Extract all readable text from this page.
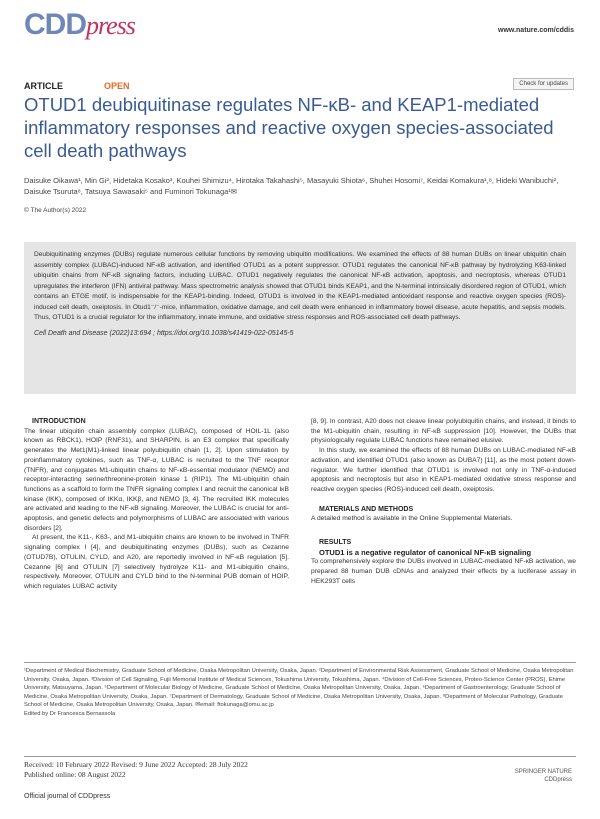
CDDpress	www.nature.com/cddis
ARTICLE	OPEN	Check for updates
OTUD1 deubiquitinase regulates NF-κB- and KEAP1-mediated inflammatory responses and reactive oxygen species-associated cell death pathways
Daisuke Oikawa¹, Min Gi², Hidetaka Kosako³, Kouhei Shimizu⁴, Hirotaka Takahashi⁵, Masayuki Shiota⁶, Shuhei Hosomi⁷, Keidai Komakura¹,⁸, Hideki Wanibuchi², Daisuke Tsuruta⁸, Tatsuya Sawasaki⁵ and Fuminori Tokunaga¹✉
© The Author(s) 2022
Deubiquitinating enzymes (DUBs) regulate numerous cellular functions by removing ubiquitin modifications. We examined the effects of 88 human DUBs on linear ubiquitin chain assembly complex (LUBAC)-induced NF-κB activation, and identified OTUD1 as a potent suppressor. OTUD1 regulates the canonical NF-κB pathway by hydrolyzing K63-linked ubiquitin chains from NF-κB signaling factors, including LUBAC. OTUD1 negatively regulates the canonical NF-κB activation, apoptosis, and necroptosis, whereas OTUD1 upregulates the interferon (IFN) antiviral pathway. Mass spectrometric analysis showed that OTUD1 binds KEAP1, and the N-terminal intrinsically disordered region of OTUD1, which contains an ETGE motif, is indispensable for the KEAP1-binding. Indeed, OTUD1 is involved in the KEAP1-mediated antioxidant response and reactive oxygen species (ROS)-induced cell death, oxeiptosis. In Otud1⁻/⁻-mice, inflammation, oxidative damage, and cell death were enhanced in inflammatory bowel disease, acute hepatitis, and sepsis models. Thus, OTUD1 is a crucial regulator for the inflammatory, innate immune, and oxidative stress responses and ROS-associated cell death pathways.
Cell Death and Disease (2022)13:694 ; https://doi.org/10.1038/s41419-022-05145-5

INTRODUCTION

The linear ubiquitin chain assembly complex (LUBAC), composed of HOIL-1L (also known as RBCK1), HOIP (RNF31), and SHARPIN, is an E3 complex that specifically generates the Met1(M1)-linked linear polyubiquitin chain [1, 2]. Upon stimulation by proinflammatory cytokines, such as TNF-α, LUBAC is recruited to the TNF receptor (TNFR), and conjugates M1-ubiquitin chains to NF-κB-essential modulator (NEMO) and receptor-interacting serine/threonine-protein kinase 1 (RIP1). The M1-ubiquitin chain functions as a scaffold to form the TNFR signaling complex I and recruit the canonical IκB kinase (IKK), composed of IKKα, IKKβ, and NEMO [3, 4]. The recruited IKK molecules are activated and leading to the NF-κB signaling. Moreover, the LUBAC is crucial for anti-apoptosis, and genetic defects and polymorphisms of LUBAC are associated with various disorders [2].

At present, the K11-, K63-, and M1-ubiquitin chains are known to be involved in TNFR signaling complex I [4], and deubiquitinating enzymes (DUBs), such as Cezanne (OTUD7B), OTULIN, CYLD, and A20, are reportedly involved in NF-κB regulation [5]. Cezanne [6] and OTULIN [7] selectively hydrolyze K11- and M1-ubiquitin chains, respectively. Moreover, OTULIN and CYLD bind to the N-terminal PUB domain of HOIP, which regulates LUBAC activity

[8, 9]. In contrast, A20 does not cleave linear polyubiquitin chains, and instead, it binds to the M1-ubiquitin chain, resulting in NF-κB suppression [10]. However, the DUBs that physiologically regulate LUBAC functions have remained elusive.

In this study, we examined the effects of 88 human DUBs on LUBAC-mediated NF-κB activation, and identified OTUD1 (also known as DUBA7) [11], as the most potent down-regulator. We further identified that OTUD1 is involved not only in TNF-α-induced apoptosis and necroptosis but also in KEAP1-mediated oxidative stress response and reactive oxygen species (ROS)-induced cell death, oxeiptosis.

MATERIALS AND METHODS

A detailed method is available in the Online Supplemental Materials.

RESULTS

OTUD1 is a negative regulator of canonical NF-κB signaling

To comprehensively explore the DUBs involved in LUBAC-mediated NF-κB activation, we prepared 88 human DUB cDNAs and analyzed their effects by a luciferase assay in HEK293T cells

¹Department of Medical Biochemistry, Graduate School of Medicine, Osaka Metropolitan University, Osaka, Japan. ²Department of Environmental Risk Assessment, Graduate School of Medicine, Osaka Metropolitan University, Osaka, Japan. ³Division of Cell Signaling, Fujii Memorial Institute of Medical Sciences, Tokushima University, Tokushima, Japan. ⁴Division of Cell-Free Sciences, Proteo-Science Center (PROS), Ehime University, Matsuyama, Japan. ⁵Department of Molecular Biology of Medicine, Graduate School of Medicine, Osaka Metropolitan University, Osaka, Japan. ⁶Department of Gastroenterology, Graduate School of Medicine, Osaka Metropolitan University, Osaka, Japan. ⁷Department of Dermatology, Graduate School of Medicine, Osaka Metropolitan University, Osaka, Japan. ⁸Department of Molecular Pathology, Graduate School of Medicine, Osaka Metropolitan University, Osaka, Japan. ✉email: ftokunaga@omu.ac.jp
Edited by Dr Francesca Bernassola
Received: 10 February 2022 Revised: 9 June 2022 Accepted: 28 July 2022
Published online: 08 August 2022	SPRINGER NATURE
CDDpress
Official journal of CDDpress
